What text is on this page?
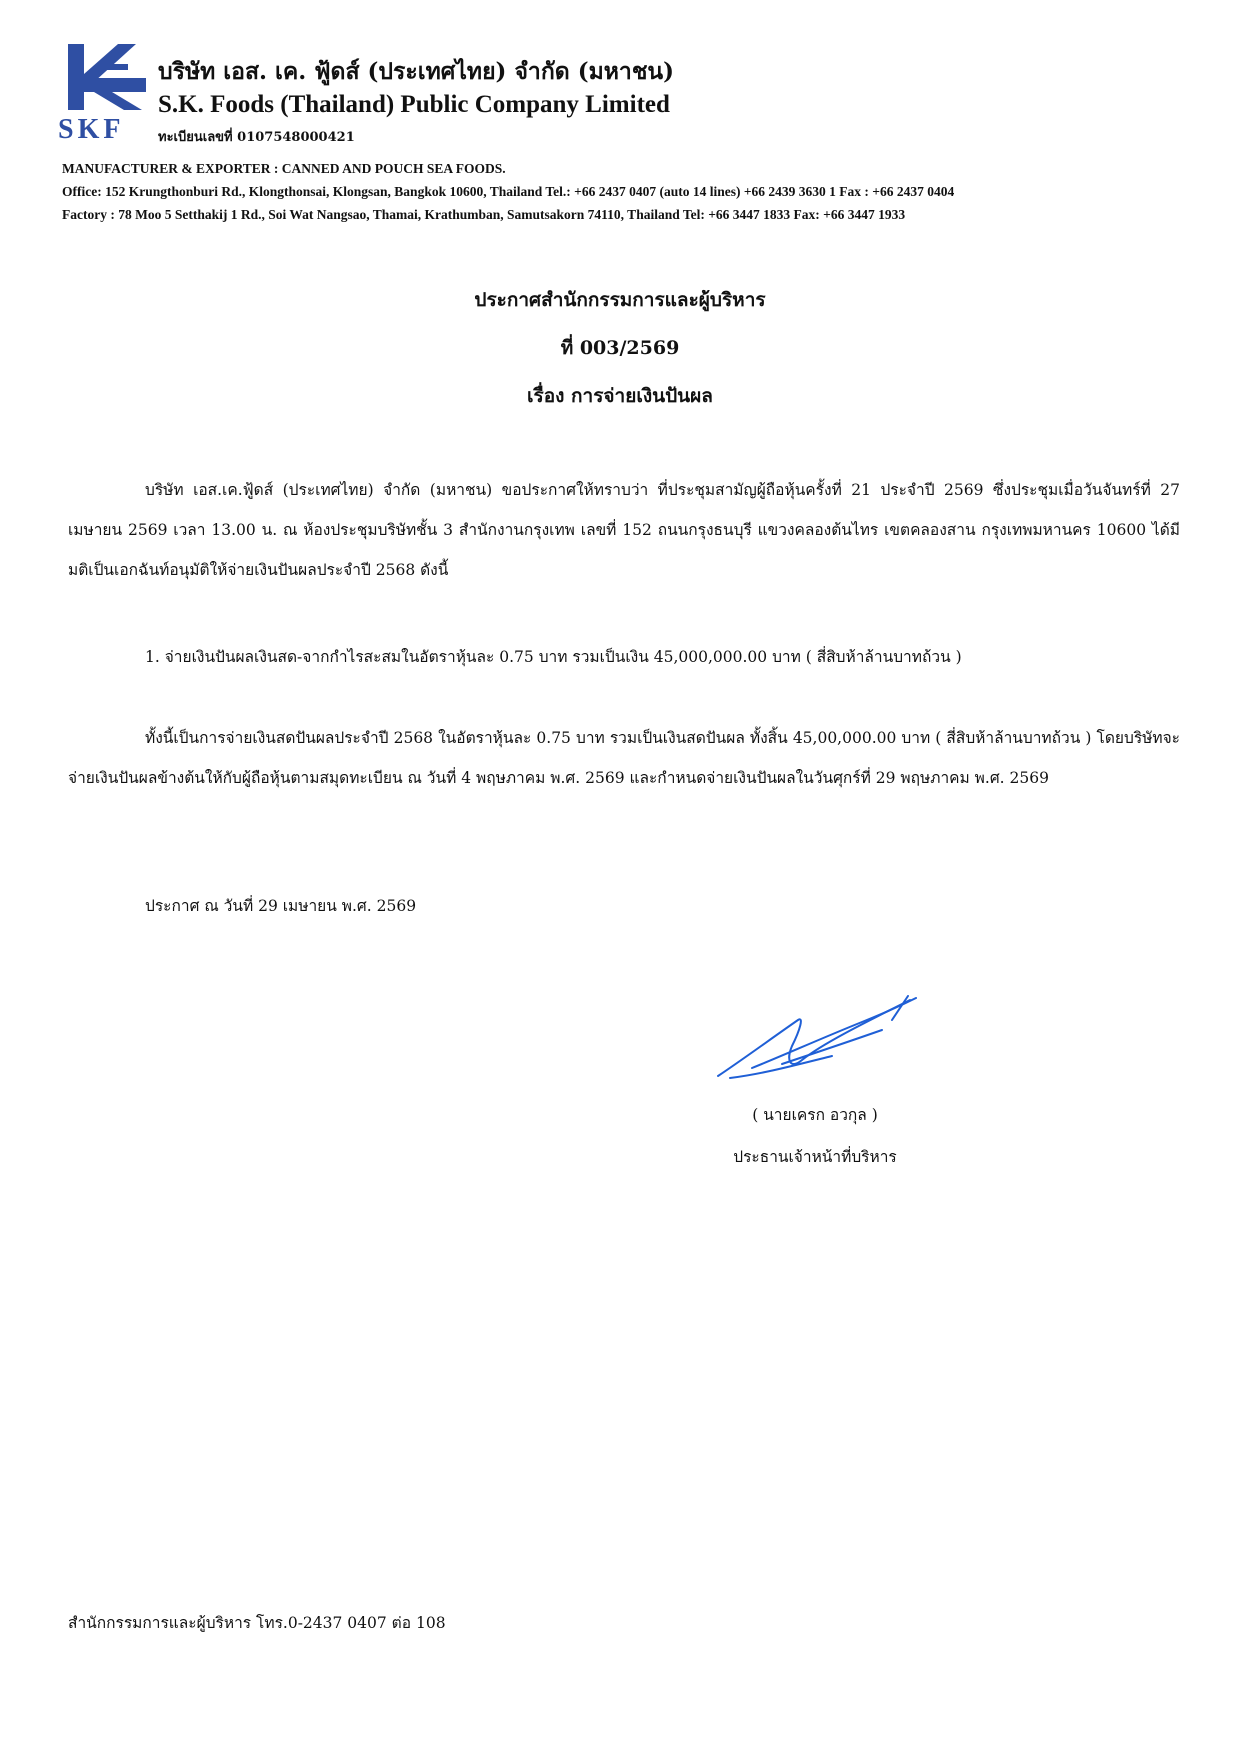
SKF
บริษัท เอส. เค. ฟู้ดส์ (ประเทศไทย) จำกัด (มหาชน)
S.K. Foods (Thailand) Public Company Limited
ทะเบียนเลขที่ 0107548000421
MANUFACTURER & EXPORTER : CANNED AND POUCH SEA FOODS.
Office: 152 Krungthonburi Rd., Klongthonsai, Klongsan, Bangkok 10600, Thailand Tel.: +66 2437 0407 (auto 14 lines) +66 2439 3630 1 Fax : +66 2437 0404
Factory : 78 Moo 5 Setthakij 1 Rd., Soi Wat Nangsao, Thamai, Krathumban, Samutsakorn 74110, Thailand Tel: +66 3447 1833 Fax: +66 3447 1933
ประกาศสำนักกรรมการและผู้บริหาร
ที่ 003/2569
เรื่อง การจ่ายเงินปันผล
บริษัท เอส.เค.ฟู้ดส์ (ประเทศไทย) จำกัด (มหาชน) ขอประกาศให้ทราบว่า ที่ประชุมสามัญผู้ถือหุ้นครั้งที่ 21 ประจำปี 2569 ซึ่งประชุมเมื่อวันจันทร์ที่ 27 เมษายน 2569 เวลา 13.00 น. ณ ห้องประชุมบริษัทชั้น 3 สำนักงานกรุงเทพ เลขที่ 152 ถนนกรุงธนบุรี แขวงคลองต้นไทร เขตคลองสาน กรุงเทพมหานคร 10600 ได้มีมติเป็นเอกฉันท์อนุมัติให้จ่ายเงินปันผลประจำปี 2568 ดังนี้
1. จ่ายเงินปันผลเงินสด-จากกำไรสะสมในอัตราหุ้นละ 0.75 บาท รวมเป็นเงิน 45,000,000.00 บาท ( สี่สิบห้าล้านบาทถ้วน )
ทั้งนี้เป็นการจ่ายเงินสดปันผลประจำปี 2568 ในอัตราหุ้นละ 0.75 บาท รวมเป็นเงินสดปันผล ทั้งสิ้น 45,00,000.00 บาท ( สี่สิบห้าล้านบาทถ้วน ) โดยบริษัทจะจ่ายเงินปันผลข้างต้นให้กับผู้ถือหุ้นตามสมุดทะเบียน ณ วันที่ 4 พฤษภาคม พ.ศ. 2569 และกำหนดจ่ายเงินปันผลในวันศุกร์ที่ 29 พฤษภาคม พ.ศ. 2569
ประกาศ ณ วันที่ 29 เมษายน พ.ศ. 2569
( นายเครก อวกุล )
ประธานเจ้าหน้าที่บริหาร
สำนักกรรมการและผู้บริหาร โทร.0-2437 0407 ต่อ 108
